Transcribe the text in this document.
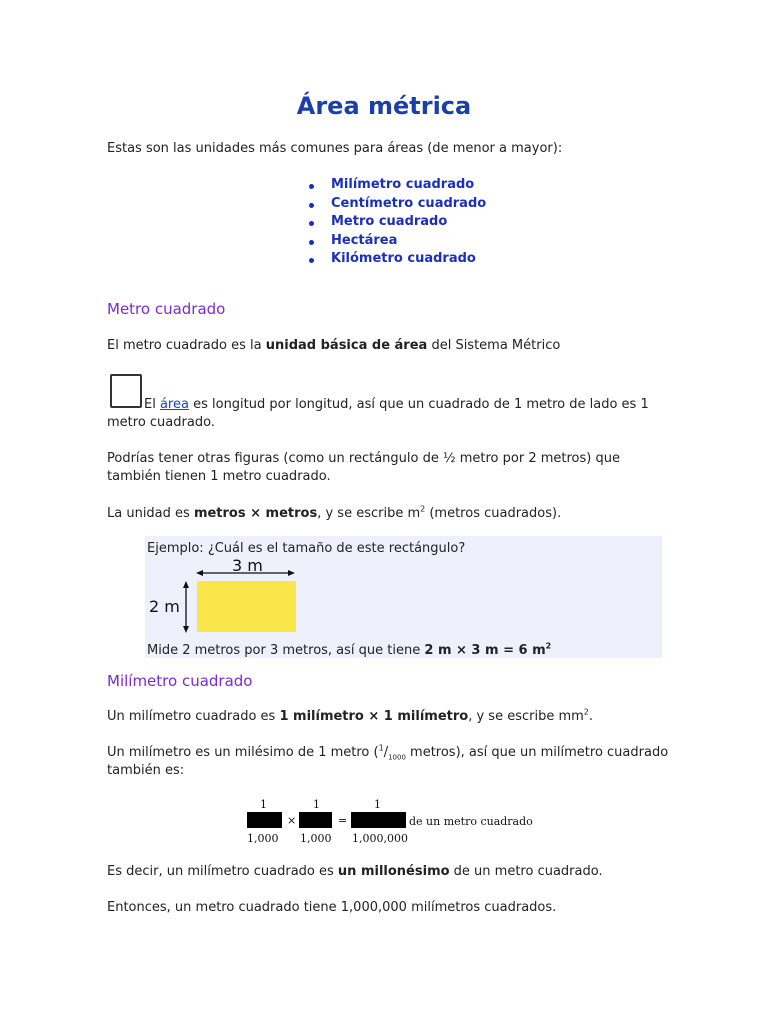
Área métrica

Estas son las unidades más comunes para áreas (de menor a mayor):

Milímetro cuadrado
Centímetro cuadrado
Metro cuadrado
Hectárea
Kilómetro cuadrado
Metro cuadrado

El metro cuadrado es la unidad básica de área del Sistema Métrico

El área es longitud por longitud, así que un cuadrado de 1 metro de lado es 1

metro cuadrado.

Podrías tener otras figuras (como un rectángulo de ½ metro por 2 metros) que

también tienen 1 metro cuadrado.

La unidad es metros × metros, y se escribe $m^2$ (metros cuadrados).

Ejemplo: ¿Cuál es el tamaño de este rectángulo?

3 m
2 m

Mide 2 metros por 3 metros, así que tiene 2 m × 3 m = 6 $m^2$

Milímetro cuadrado

Un milímetro cuadrado es 1 milímetro × 1 milímetro, y se escribe $mm^2$.

Un milímetro es un milésimo de 1 metro ($^1/_{1000}$ metros), así que un milímetro cuadrado

también es:

1
1,000
×
1
1,000
=
1
1,000,000
de un metro cuadrado

Es decir, un milímetro cuadrado es un millonésimo de un metro cuadrado.

Entonces, un metro cuadrado tiene 1,000,000 milímetros cuadrados.
